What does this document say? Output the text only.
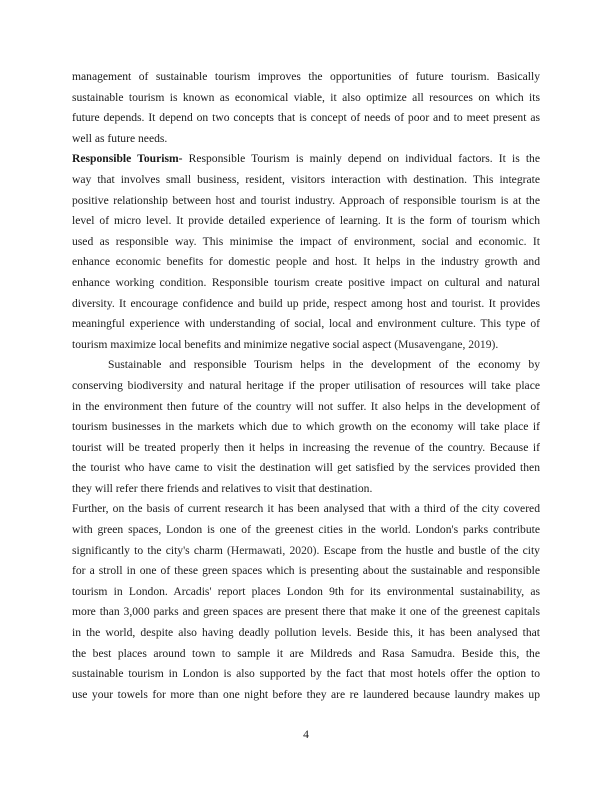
management of sustainable tourism improves the opportunities of future tourism. Basically
sustainable tourism is known as economical viable, it also optimize all resources on which its
future depends. It depend on two concepts that is concept of needs of poor and to meet present as
well as future needs.
Responsible Tourism- Responsible Tourism is mainly depend on individual factors. It is the
way that involves small business, resident, visitors interaction with destination. This integrate
positive relationship between host and tourist industry. Approach of responsible tourism is at the
level of micro level. It provide detailed experience of learning. It is the form of tourism which
used as responsible way. This minimise the impact of environment, social and economic. It
enhance economic benefits for domestic people and host. It helps in the industry growth and
enhance working condition. Responsible tourism create positive impact on cultural and natural
diversity. It encourage confidence and build up pride, respect among host and tourist. It provides
meaningful experience with understanding of social, local and environment culture. This type of
tourism maximize local benefits and minimize negative social aspect (Musavengane, 2019).
Sustainable and responsible Tourism helps in the development of the economy by
conserving biodiversity and natural heritage if the proper utilisation of resources will take place
in the environment then future of the country will not suffer. It also helps in the development of
tourism businesses in the markets which due to which growth on the economy will take place if
tourist will be treated properly then it helps in increasing the revenue of the country. Because if
the tourist who have came to visit the destination will get satisfied by the services provided then
they will refer there friends and relatives to visit that destination.
Further, on the basis of current research it has been analysed that with a third of the city covered
with green spaces, London is one of the greenest cities in the world. London's parks contribute
significantly to the city's charm (Hermawati, 2020). Escape from the hustle and bustle of the city
for a stroll in one of these green spaces which is presenting about the sustainable and responsible
tourism in London. Arcadis' report places London 9th for its environmental sustainability, as
more than 3,000 parks and green spaces are present there that make it one of the greenest capitals
in the world, despite also having deadly pollution levels. Beside this, it has been analysed that
the best places around town to sample it are Mildreds and Rasa Samudra. Beside this, the
sustainable tourism in London is also supported by the fact that most hotels offer the option to
use your towels for more than one night before they are re laundered because laundry makes up
4
